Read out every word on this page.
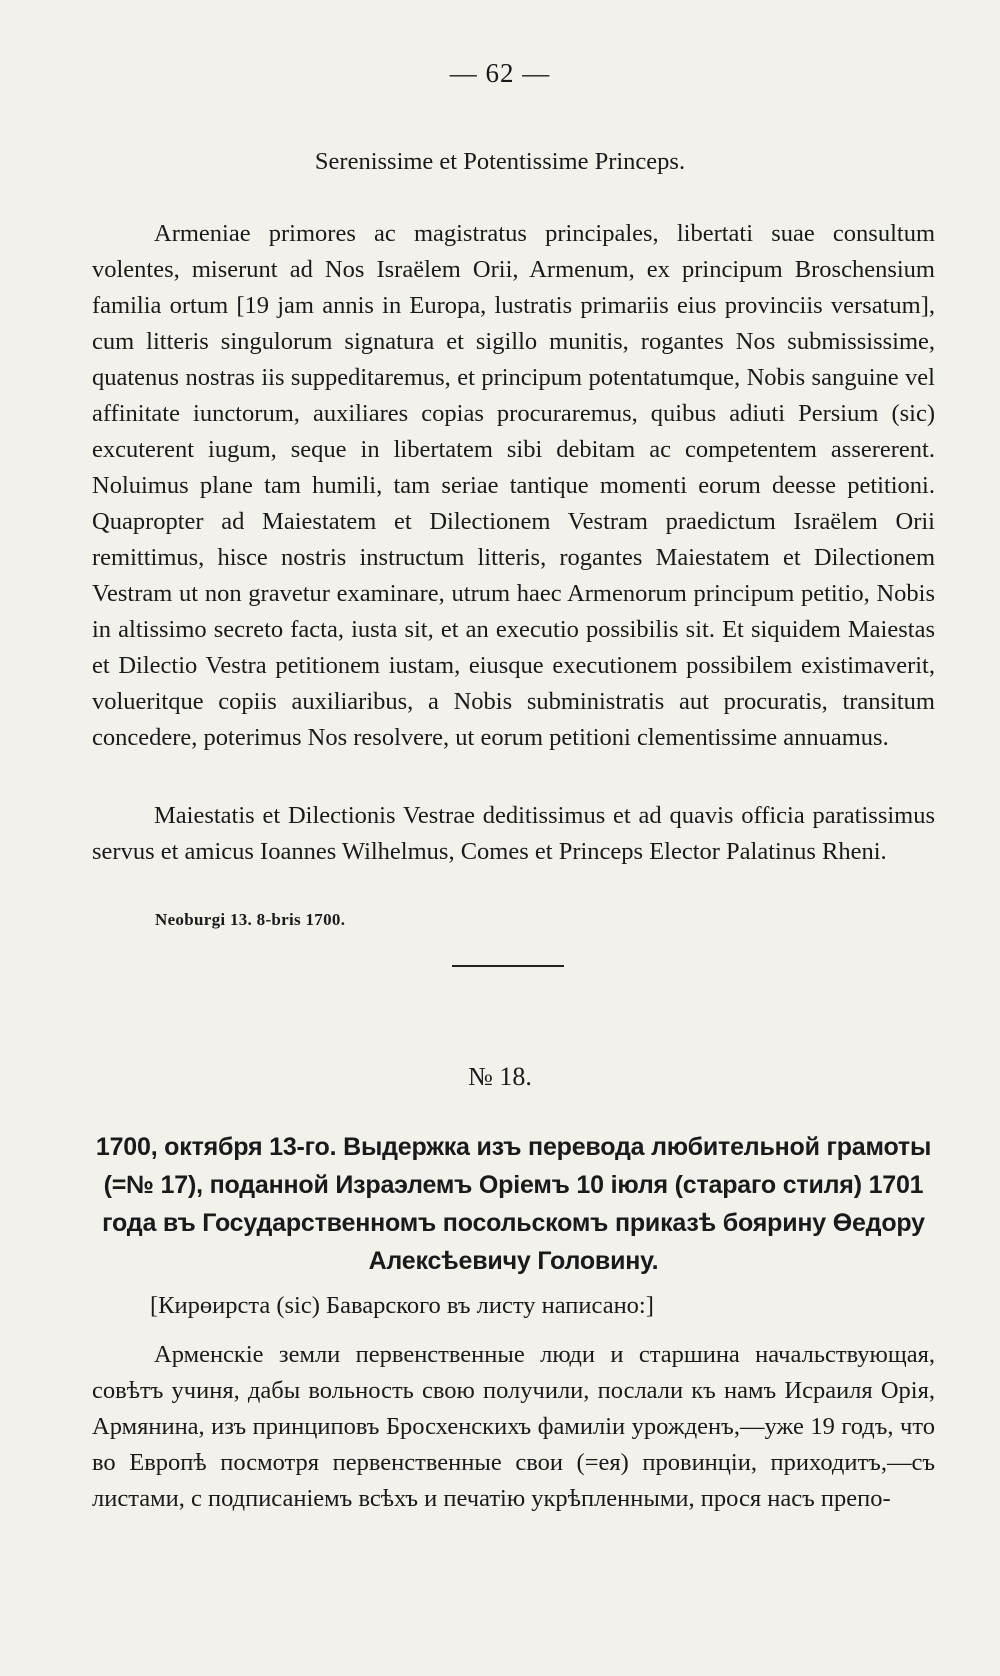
— 62 —
Serenissime et Potentissime Princeps.

Armeniae primores ac magistratus principales, libertati suae consultum volentes, miserunt ad Nos Israëlem Orii, Armenum, ex principum Broschensium familia ortum [19 jam annis in Europa, lustratis primariis eius provinciis versatum], cum litteris singulorum signatura et sigillo munitis, rogantes Nos submississime, quatenus nostras iis suppeditaremus, et principum potentatumque, Nobis sanguine vel affinitate iunctorum, auxiliares copias procuraremus, quibus adiuti Persium (sic) excuterent iugum, seque in libertatem sibi debitam ac competentem assererent. Noluimus plane tam humili, tam seriae tantique momenti eorum deesse petitioni. Quapropter ad Maiestatem et Dilectionem Vestram praedictum Israëlem Orii remittimus, hisce nostris instructum litteris, rogantes Maiestatem et Dilectionem Vestram ut non gravetur examinare, utrum haec Armenorum principum petitio, Nobis in altissimo secreto facta, iusta sit, et an executio possibilis sit. Et siquidem Maiestas et Dilectio Vestra petitionem iustam, eiusque executionem possibilem existimaverit, volueritque copiis auxiliaribus, a Nobis subministratis aut procuratis, transitum concedere, poterimus Nos resolvere, ut eorum petitioni clementissime annuamus.

Maiestatis et Dilectionis Vestrae deditissimus et ad quavis officia paratissimus servus et amicus Ioannes Wilhelmus, Comes et Princeps Elector Palatinus Rheni.

Neoburgi 13. 8-bris 1700.
№ 18.
1700, октября 13-го. Выдержка изъ перевода любительной грамоты (=№ 17), поданной Израэлемъ Оріемъ 10 іюля (стараго стиля) 1701 года въ Государственномъ посольскомъ приказѣ боярину Өедору Алексѣевичу Головину.
[Кирөирста (sic) Баварского въ листу написано:]

Арменскіе земли первенственные люди и старшина начальствующая, совѣтъ учиня, дабы вольность свою получили, послали къ намъ Исраиля Орія, Армянина, изъ принциповъ Бросхенскихъ фамиліи урожденъ,—уже 19 годъ, что во Европѣ посмотря первенственные свои (=ея) провинціи, приходитъ,—съ листами, с подписаніемъ всѣхъ и печатію укрѣпленными, прося насъ препо-
